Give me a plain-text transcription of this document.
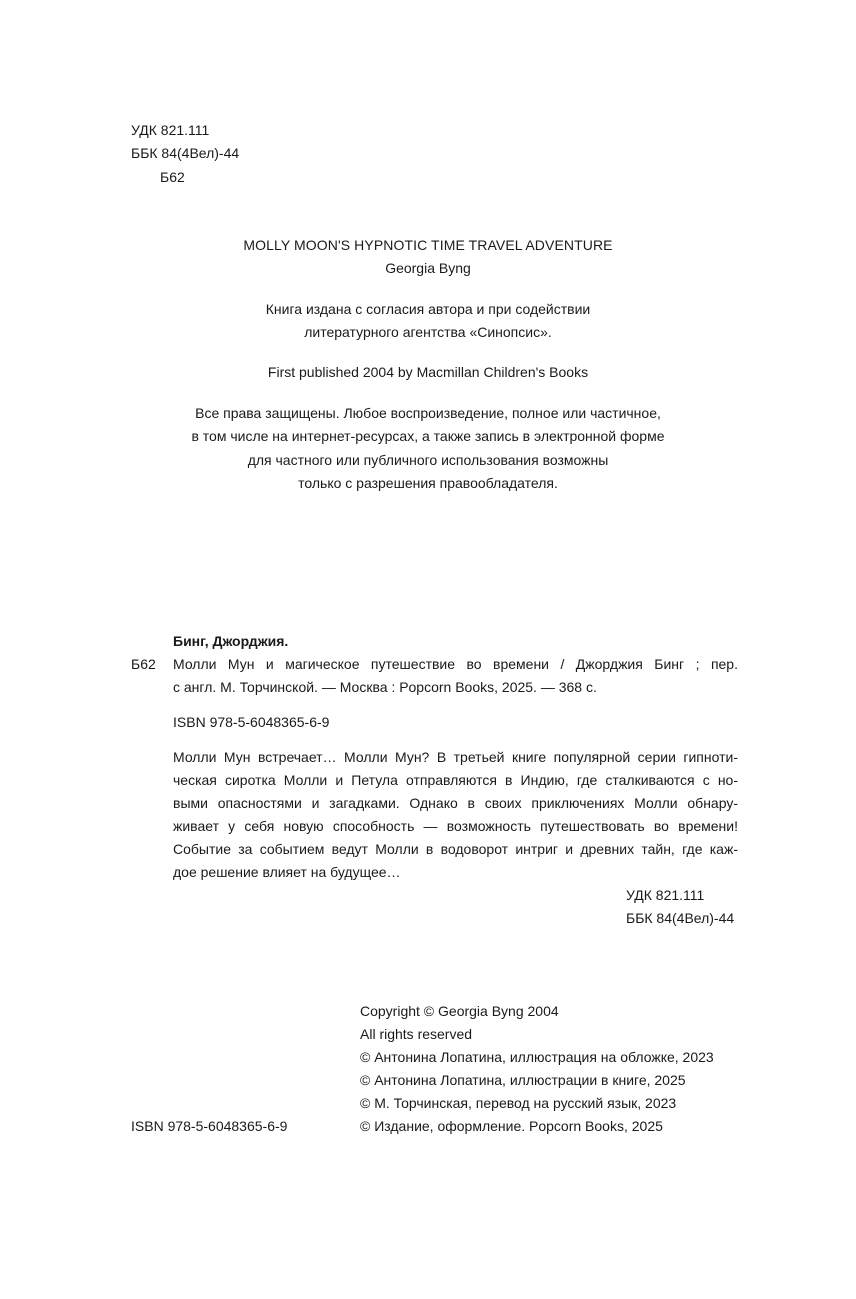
УДК 821.111
ББК 84(4Вел)-44
Б62
MOLLY MOON'S HYPNOTIC TIME TRAVEL ADVENTURE
Georgia Byng
Книга издана с согласия автора и при содействии
литературного агентства «Синопсис».
First published 2004 by Macmillan Children's Books
Все права защищены. Любое воспроизведение, полное или частичное,
в том числе на интернет-ресурсах, а также запись в электронной форме
для частного или публичного использования возможны
только с разрешения правообладателя.
Бинг, Джорджия.
Б62 Молли Мун и магическое путешествие во времени / Джорджия Бинг ; пер.
с англ. М. Торчинской. — Москва : Popcorn Books, 2025. — 368 с.
ISBN 978-5-6048365-6-9
Молли Мун встречает… Молли Мун? В третьей книге популярной серии гипноти-
ческая сиротка Молли и Петула отправляются в Индию, где сталкиваются с но-
выми опасностями и загадками. Однако в своих приключениях Молли обнару-
живает у себя новую способность — возможность путешествовать во времени!
Событие за событием ведут Молли в водоворот интриг и древних тайн, где каж-
дое решение влияет на будущее…
УДК 821.111
ББК 84(4Вел)-44
Copyright © Georgia Byng 2004
All rights reserved
© Антонина Лопатина, иллюстрация на обложке, 2023
© Антонина Лопатина, иллюстрации в книге, 2025
© М. Торчинская, перевод на русский язык, 2023
© Издание, оформление. Popcorn Books, 2025
ISBN 978-5-6048365-6-9
